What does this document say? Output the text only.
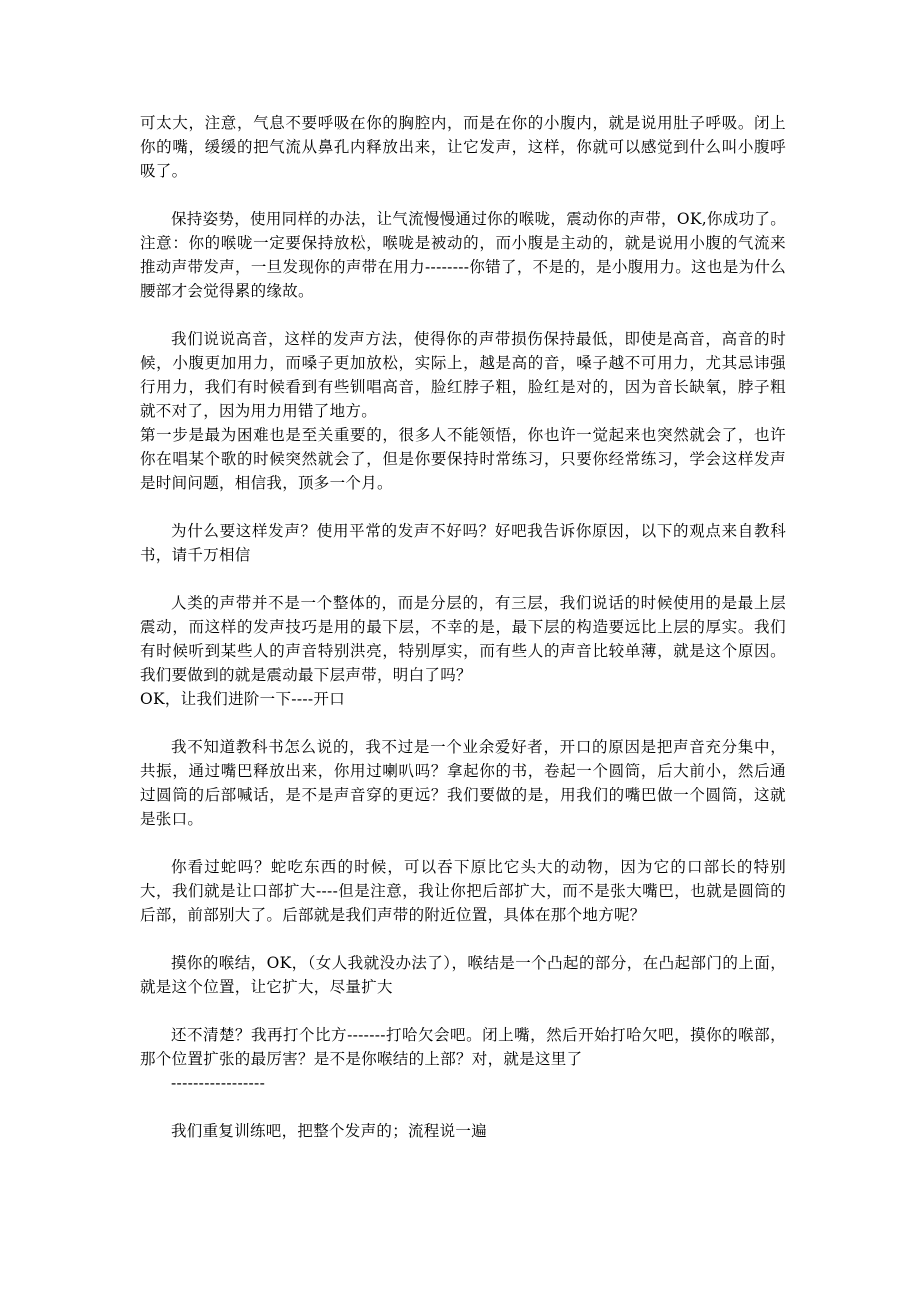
可太大，注意，气息不要呼吸在你的胸腔内，而是在你的小腹内，就是说用肚子呼吸。闭上你的嘴，缓缓的把气流从鼻孔内释放出来，让它发声，这样，你就可以感觉到什么叫小腹呼吸了。

保持姿势，使用同样的办法，让气流慢慢通过你的喉咙，震动你的声带，OK,你成功了。注意：你的喉咙一定要保持放松，喉咙是被动的，而小腹是主动的，就是说用小腹的气流来推动声带发声，一旦发现你的声带在用力--------你错了，不是的，是小腹用力。这也是为什么腰部才会觉得累的缘故。

我们说说高音，这样的发声方法，使得你的声带损伤保持最低，即使是高音，高音的时候，小腹更加用力，而嗓子更加放松，实际上，越是高的音，嗓子越不可用力，尤其忌讳强行用力，我们有时候看到有些钏唱高音，脸红脖子粗，脸红是对的，因为音长缺氧，脖子粗就不对了，因为用力用错了地方。

第一步是最为困难也是至关重要的，很多人不能领悟，你也许一觉起来也突然就会了，也许你在唱某个歌的时候突然就会了，但是你要保持时常练习，只要你经常练习，学会这样发声是时间问题，相信我，顶多一个月。

为什么要这样发声？使用平常的发声不好吗？好吧我告诉你原因，以下的观点来自教科书，请千万相信

人类的声带并不是一个整体的，而是分层的，有三层，我们说话的时候使用的是最上层震动，而这样的发声技巧是用的最下层，不幸的是，最下层的构造要远比上层的厚实。我们有时候听到某些人的声音特别洪亮，特别厚实，而有些人的声音比较单薄，就是这个原因。我们要做到的就是震动最下层声带，明白了吗？

OK，让我们进阶一下----开口

我不知道教科书怎么说的，我不过是一个业余爱好者，开口的原因是把声音充分集中，共振，通过嘴巴释放出来，你用过喇叭吗？拿起你的书，卷起一个圆筒，后大前小，然后通过圆筒的后部喊话，是不是声音穿的更远？我们要做的是，用我们的嘴巴做一个圆筒，这就是张口。

你看过蛇吗？蛇吃东西的时候，可以吞下原比它头大的动物，因为它的口部长的特别大，我们就是让口部扩大----但是注意，我让你把后部扩大，而不是张大嘴巴，也就是圆筒的后部，前部别大了。后部就是我们声带的附近位置，具体在那个地方呢？

摸你的喉结，OK，（女人我就没办法了），喉结是一个凸起的部分，在凸起部门的上面，就是这个位置，让它扩大，尽量扩大

还不清楚？我再打个比方-------打哈欠会吧。闭上嘴，然后开始打哈欠吧，摸你的喉部，那个位置扩张的最厉害？是不是你喉结的上部？对，就是这里了

-----------------

我们重复训练吧，把整个发声的；流程说一遍
